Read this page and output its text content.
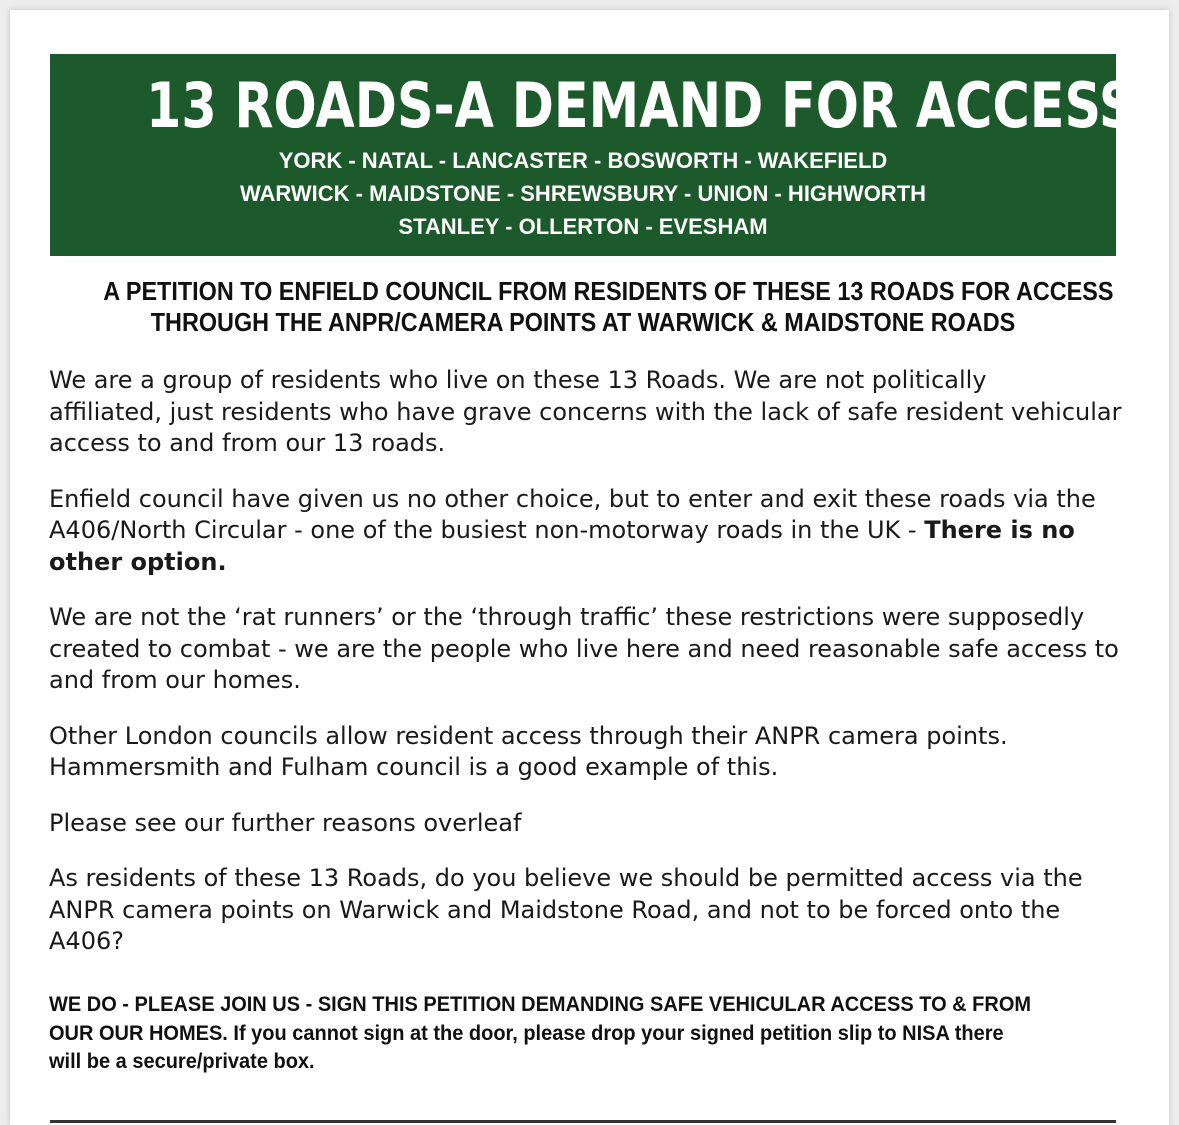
13 ROADS-A DEMAND FOR ACCESS
YORK - NATAL - LANCASTER - BOSWORTH - WAKEFIELD
WARWICK - MAIDSTONE - SHREWSBURY - UNION - HIGHWORTH
STANLEY - OLLERTON - EVESHAM
A PETITION TO ENFIELD COUNCIL FROM RESIDENTS OF THESE 13 ROADS FOR ACCESS
THROUGH THE ANPR/CAMERA POINTS AT WARWICK & MAIDSTONE ROADS

We are a group of residents who live on these 13 Roads. We are not politically
affiliated, just residents who have grave concerns with the lack of safe resident vehicular
access to and from our 13 roads.

Enfield council have given us no other choice, but to enter and exit these roads via the
A406/North Circular - one of the busiest non-motorway roads in the UK - There is no
other option.

We are not the ‘rat runners’ or the ‘through traffic’ these restrictions were supposedly
created to combat - we are the people who live here and need reasonable safe access to
and from our homes.

Other London councils allow resident access through their ANPR camera points.
Hammersmith and Fulham council is a good example of this.

Please see our further reasons overleaf

As residents of these 13 Roads, do you believe we should be permitted access via the
ANPR camera points on Warwick and Maidstone Road, and not to be forced onto the
A406?

WE DO - PLEASE JOIN US - SIGN THIS PETITION DEMANDING SAFE VEHICULAR ACCESS TO & FROM
OUR OUR HOMES. If you cannot sign at the door, please drop your signed petition slip to NISA there
will be a secure/private box.
